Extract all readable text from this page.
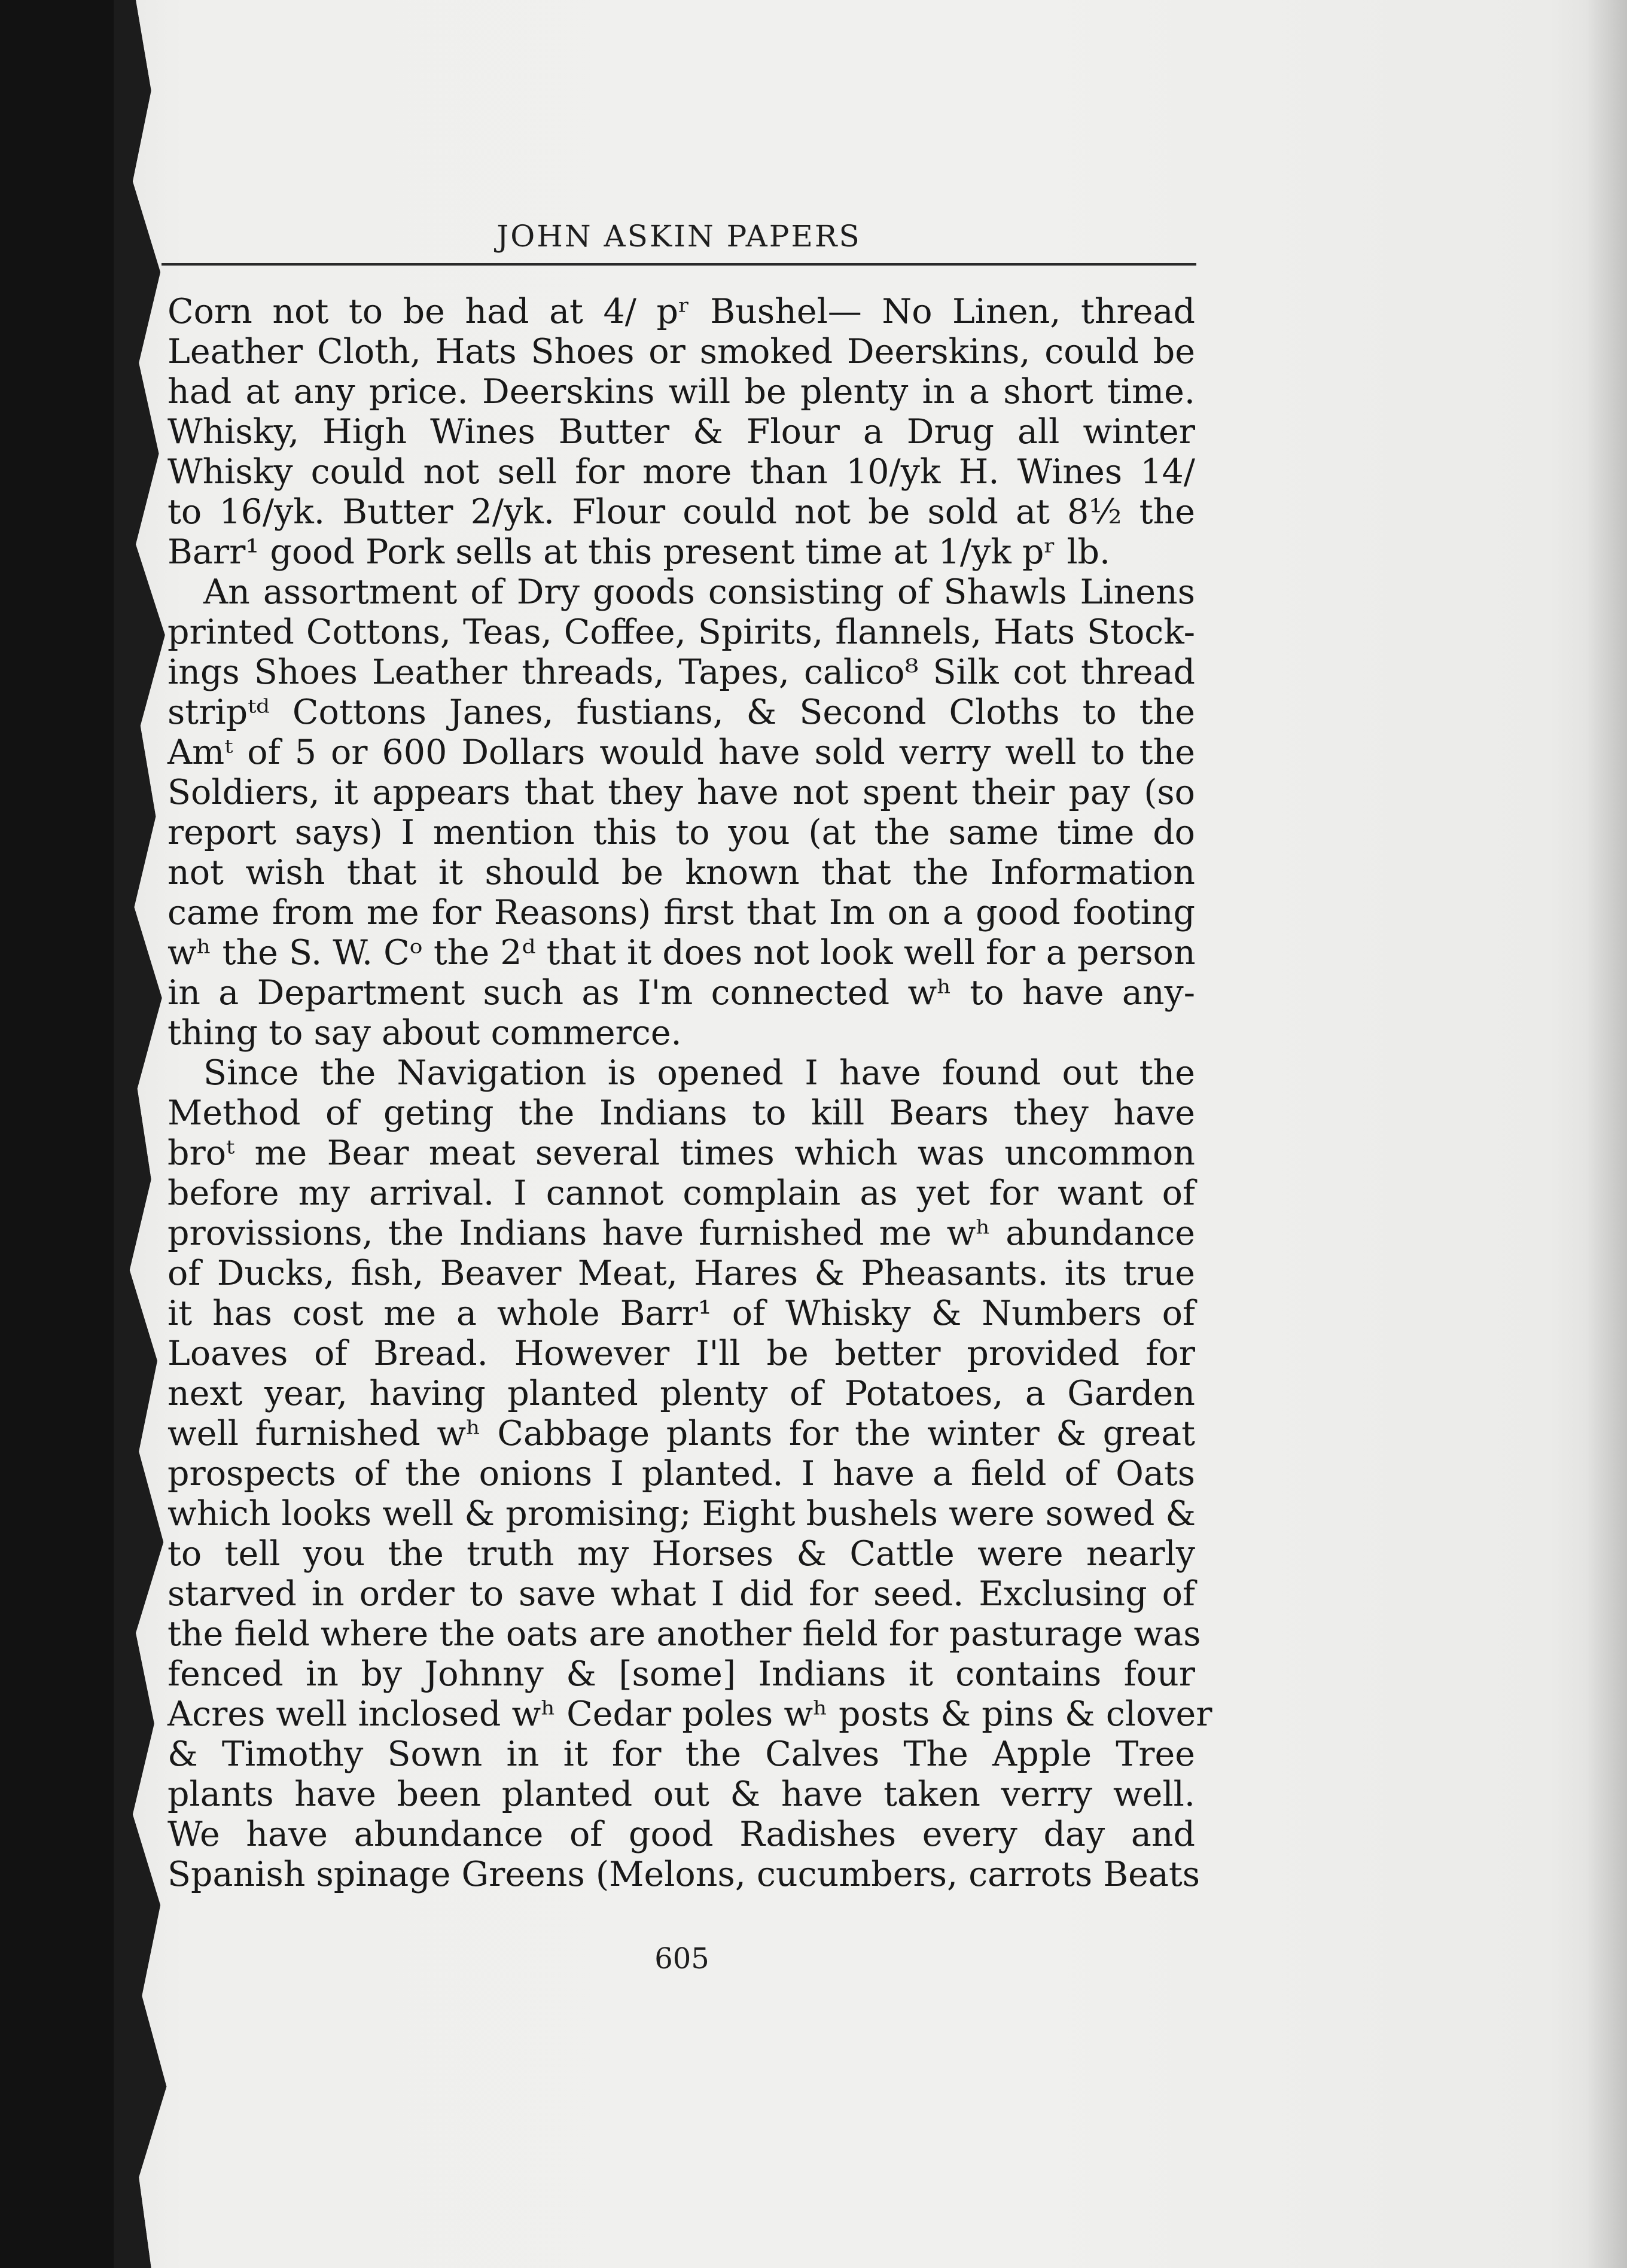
JOHN ASKIN PAPERS
Corn not to be had at 4/ pʳ Bushel— No Linen, thread
Leather Cloth, Hats Shoes or smoked Deerskins, could be
had at any price. Deerskins will be plenty in a short time.
Whisky, High Wines Butter & Flour a Drug all winter
Whisky could not sell for more than 10/yk H. Wines 14/
to 16/yk. Butter 2/yk. Flour could not be sold at 8½ the
Barr¹ good Pork sells at this present time at 1/yk pʳ lb.
An assortment of Dry goods consisting of Shawls Linens
printed Cottons, Teas, Coffee, Spirits, flannels, Hats Stock-
ings Shoes Leather threads, Tapes, calico⁸ Silk cot thread
stripᵗᵈ Cottons Janes, fustians, & Second Cloths to the
Amᵗ of 5 or 600 Dollars would have sold verry well to the
Soldiers, it appears that they have not spent their pay (so
report says) I mention this to you (at the same time do
not wish that it should be known that the Information
came from me for Reasons) first that Im on a good footing
wʰ the S. W. Cᵒ the 2ᵈ that it does not look well for a person
in a Department such as I'm connected wʰ to have any-
thing to say about commerce.
Since the Navigation is opened I have found out the
Method of geting the Indians to kill Bears they have
broᵗ me Bear meat several times which was uncommon
before my arrival. I cannot complain as yet for want of
provissions, the Indians have furnished me wʰ abundance
of Ducks, fish, Beaver Meat, Hares & Pheasants. its true
it has cost me a whole Barr¹ of Whisky & Numbers of
Loaves of Bread. However I'll be better provided for
next year, having planted plenty of Potatoes, a Garden
well furnished wʰ Cabbage plants for the winter & great
prospects of the onions I planted. I have a field of Oats
which looks well & promising; Eight bushels were sowed &
to tell you the truth my Horses & Cattle were nearly
starved in order to save what I did for seed. Exclusing of
the field where the oats are another field for pasturage was
fenced in by Johnny & [some] Indians it contains four
Acres well inclosed wʰ Cedar poles wʰ posts & pins & clover
& Timothy Sown in it for the Calves The Apple Tree
plants have been planted out & have taken verry well.
We have abundance of good Radishes every day and
Spanish spinage Greens (Melons, cucumbers, carrots Beats
605
